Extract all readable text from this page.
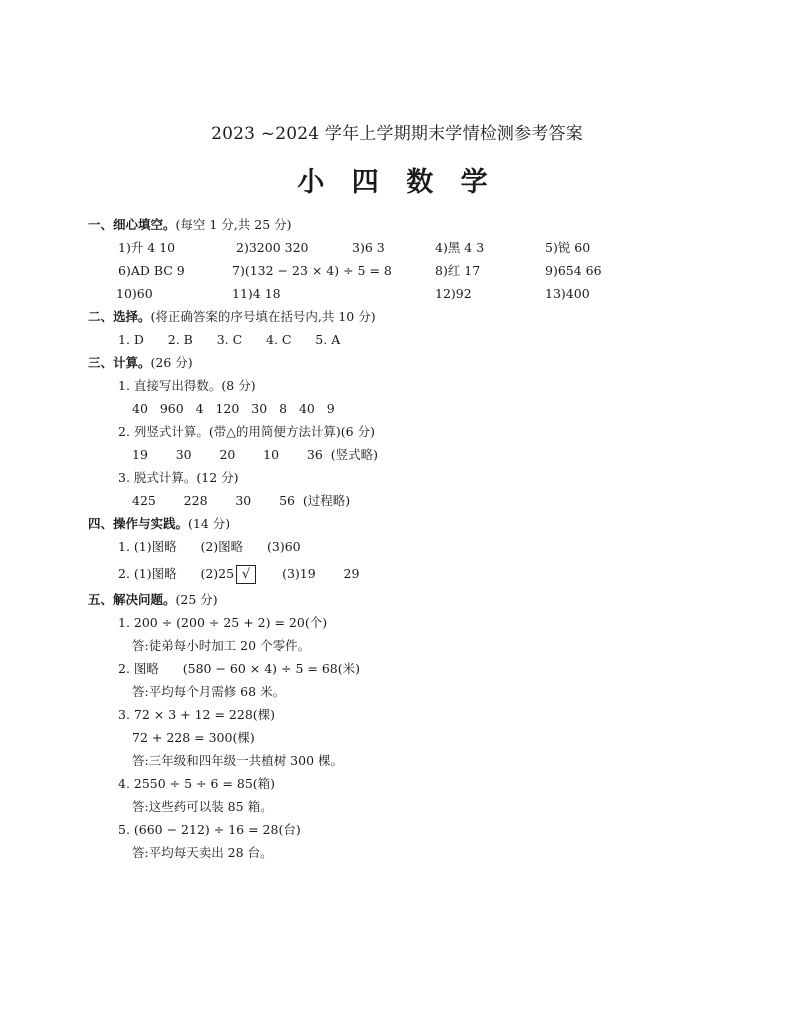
2023 ~2024 学年上学期期末学情检测参考答案
小 四 数 学
一、细心填空。(每空 1 分,共 25 分)
1)升 4 10	2)3200 320	3)6 3	4)黑 4 3	5)锐 60
6)AD BC 9	7)(132 − 23 × 4) ÷ 5 = 8	8)红 17	9)654 66
10)60	11)4 18	12)92	13)400
二、选择。(将正确答案的序号填在括号内,共 10 分)
1. D      2. B      3. C      4. C      5. A
三、计算。(26 分)
1. 直接写出得数。(8 分)
40   960   4   120   30   8   40   9
2. 列竖式计算。(带△的用简便方法计算)(6 分)
19       30       20       10       36  (竖式略)
3. 脱式计算。(12 分)
425       228       30       56  (过程略)
四、操作与实践。(14 分)
1. (1)图略      (2)图略      (3)60
2. (1)图略      (2)25 √	(3)19       29
五、解决问题。(25 分)
1. 200 ÷ (200 ÷ 25 + 2) = 20(个)
答:徒弟每小时加工 20 个零件。
2. 图略      (580 − 60 × 4) ÷ 5 = 68(米)
答:平均每个月需修 68 米。
3. 72 × 3 + 12 = 228(棵)
72 + 228 = 300(棵)
答:三年级和四年级一共植树 300 棵。
4. 2550 ÷ 5 ÷ 6 = 85(箱)
答:这些药可以装 85 箱。
5. (660 − 212) ÷ 16 = 28(台)
答:平均每天卖出 28 台。
